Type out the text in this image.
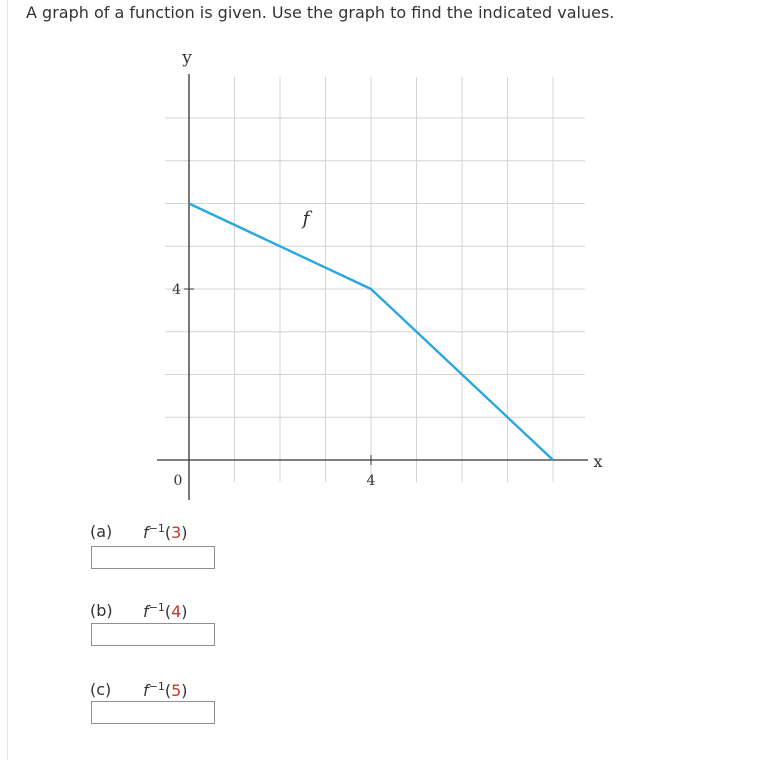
A graph of a function is given. Use the graph to find the indicated values.
0	4
4
f
x
y
(a) $f^{-1}(3)$
(b) $f^{-1}(4)$
(c) $f^{-1}(5)$
